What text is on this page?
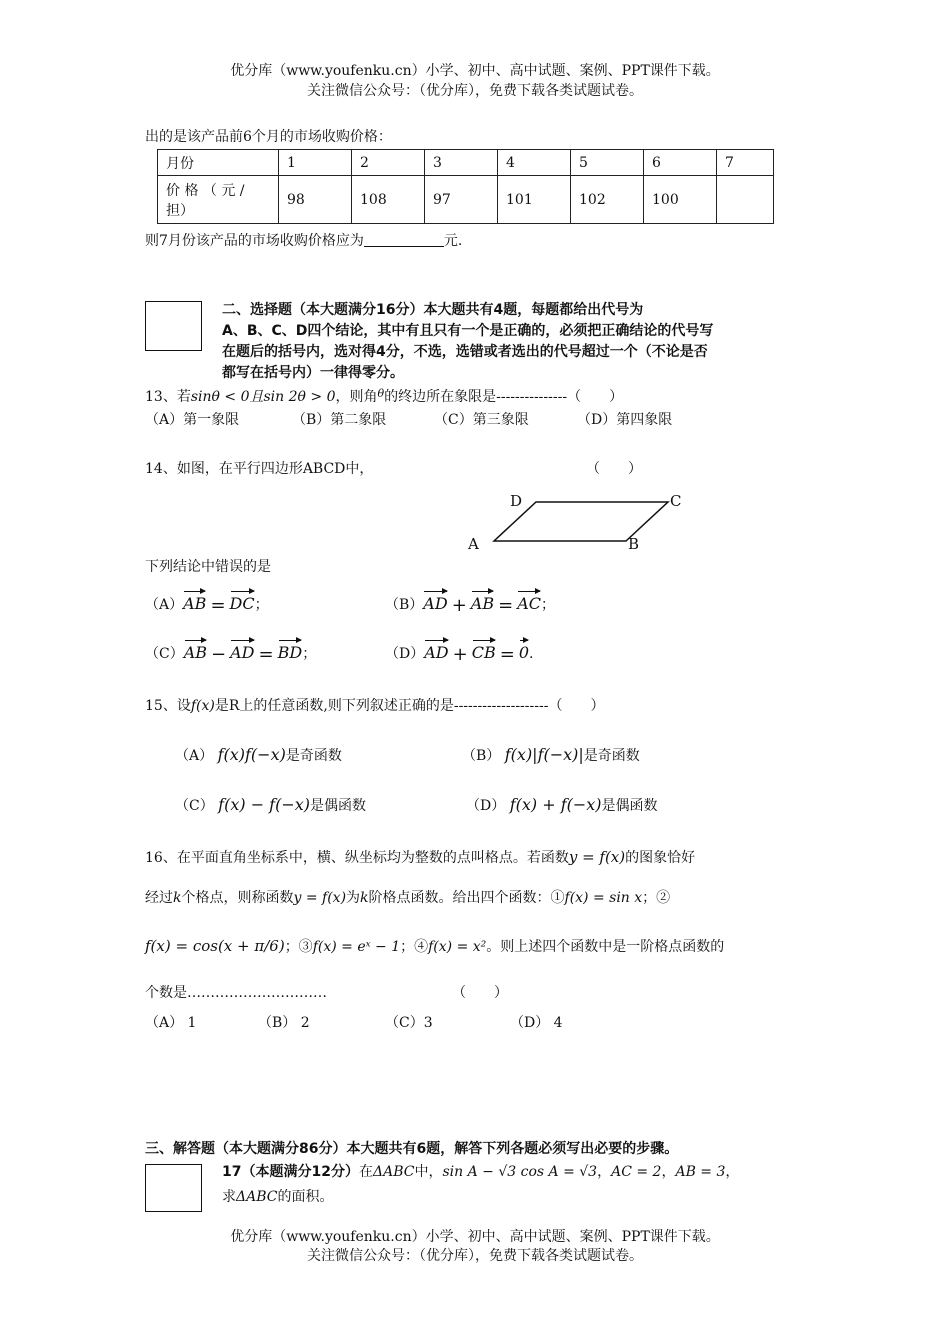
优分库（www.youfenku.cn）小学、初中、高中试题、案例、PPT课件下载。
关注微信公众号：（优分库），免费下载各类试题试卷。
出的是该产品前6个月的市场收购价格：
月份	1	2	3	4	5	6	7

价 格 （ 元 /
担）	98	108	97	101	102	100	
则7月份该产品的市场收购价格应为	元.
二、选择题（本大题满分16分）本大题共有4题，每题都给出代号为
A、B、C、D四个结论，其中有且只有一个是正确的，必须把正确结论的代号写
在题后的括号内，选对得4分，不选，选错或者选出的代号超过一个（不论是否
都写在括号内）一律得零分。
13、若sinθ < 0且sin 2θ > 0，则角$^\theta$的终边所在象限是---------------（　　）
（A）第一象限	（B）第二象限	（C）第三象限	（D）第四象限
14、如图，在平行四边形ABCD中，	（　　）
A	B
C
D
下列结论中错误的是
（A）AB = DC；	（B）AD + AB = AC；
（C）AB − AD = BD；	（D）AD + CB = 0.
15、设f(x)是R上的任意函数,则下列叙述正确的是--------------------（　　）
（A） f(x)f(−x)是奇函数	（B） f(x)|f(−x)|是奇函数
（C） f(x) − f(−x)是偶函数	（D） f(x) + f(−x)是偶函数
16、在平面直角坐标系中，横、纵坐标均为整数的点叫格点。若函数y = f(x)的图象恰好
经过k个格点，则称函数y = f(x)为k阶格点函数。给出四个函数：①f(x) = sin x；②
f(x) = cos(x + π/6)；③f(x) = eˣ − 1；④f(x) = x²。则上述四个函数中是一阶格点函数的
个数是…………………………	（　　）
（A） 1	（B） 2	（C）3	（D） 4
三、解答题（本大题满分86分）本大题共有6题，解答下列各题必须写出必要的步骤。
17（本题满分12分）在ΔABC中，sin A − √3 cos A = √3，AC = 2，AB = 3，
求ΔABC的面积。
优分库（www.youfenku.cn）小学、初中、高中试题、案例、PPT课件下载。
关注微信公众号：（优分库），免费下载各类试题试卷。
